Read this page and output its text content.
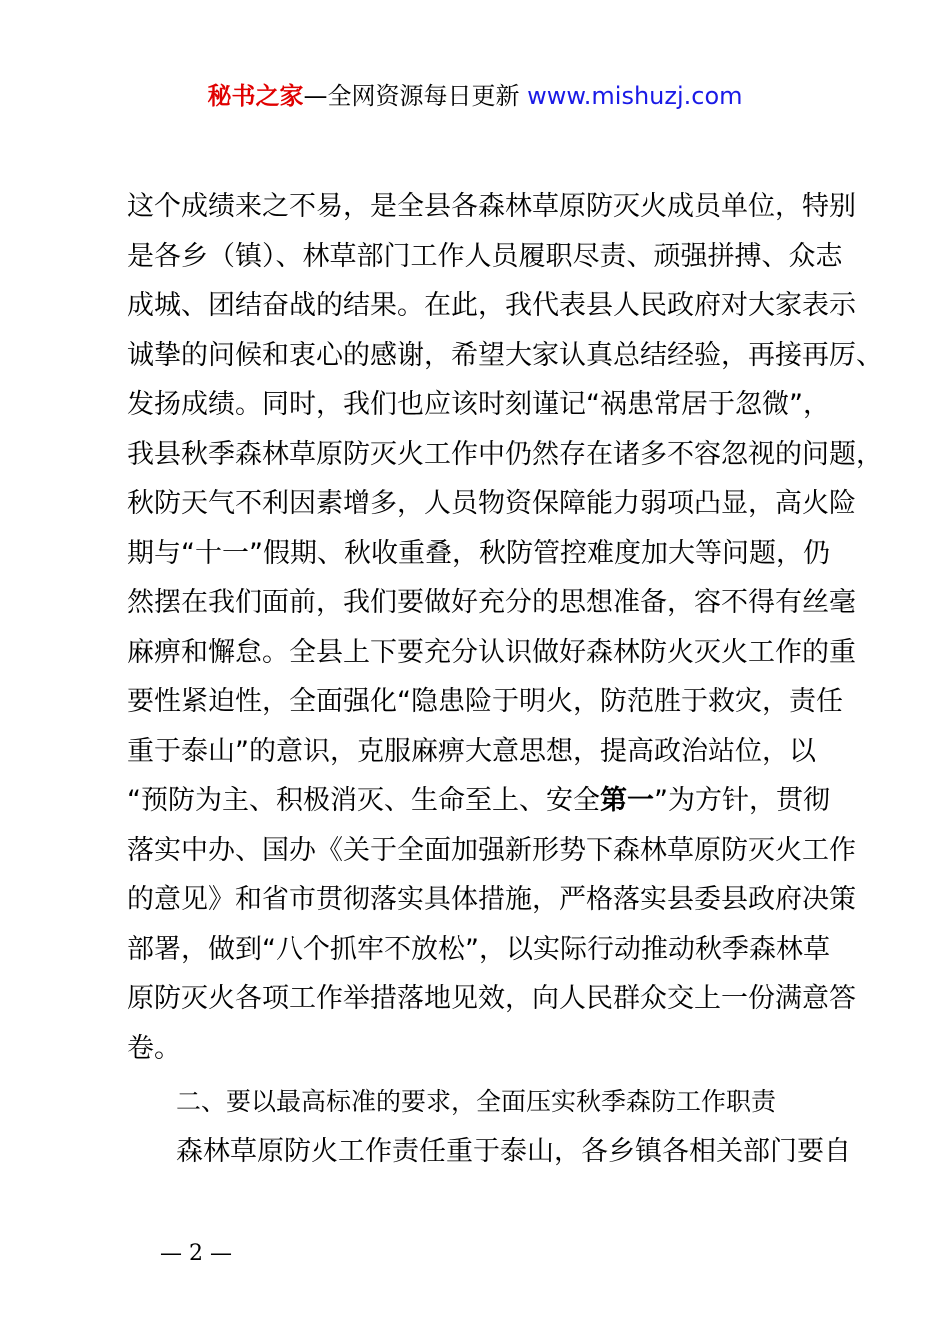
秘书之家—全网资源每日更新 www.mishuzj.com
这个成绩来之不易，是全县各森林草原防灭火成员单位，特别
是各乡（镇）、林草部门工作人员履职尽责、顽强拼搏、众志
成城、团结奋战的结果。在此，我代表县人民政府对大家表示
诚挚的问候和衷心的感谢，希望大家认真总结经验，再接再厉、
发扬成绩。同时，我们也应该时刻谨记“祸患常居于忽微”，
我县秋季森林草原防灭火工作中仍然存在诸多不容忽视的问题，
秋防天气不利因素增多，人员物资保障能力弱项凸显，高火险
期与“十一”假期、秋收重叠，秋防管控难度加大等问题，仍
然摆在我们面前，我们要做好充分的思想准备，容不得有丝毫
麻痹和懈怠。全县上下要充分认识做好森林防火灭火工作的重
要性紧迫性，全面强化“隐患险于明火，防范胜于救灾，责任
重于泰山”的意识，克服麻痹大意思想，提高政治站位，以
“预防为主、积极消灭、生命至上、安全第一”为方针，贯彻
落实中办、国办《关于全面加强新形势下森林草原防灭火工作
的意见》和省市贯彻落实具体措施，严格落实县委县政府决策
部署，做到“八个抓牢不放松”，以实际行动推动秋季森林草
原防灭火各项工作举措落地见效，向人民群众交上一份满意答
卷。
二、要以最高标准的要求，全面压实秋季森防工作职责
森林草原防火工作责任重于泰山，各乡镇各相关部门要自
— 2 —
